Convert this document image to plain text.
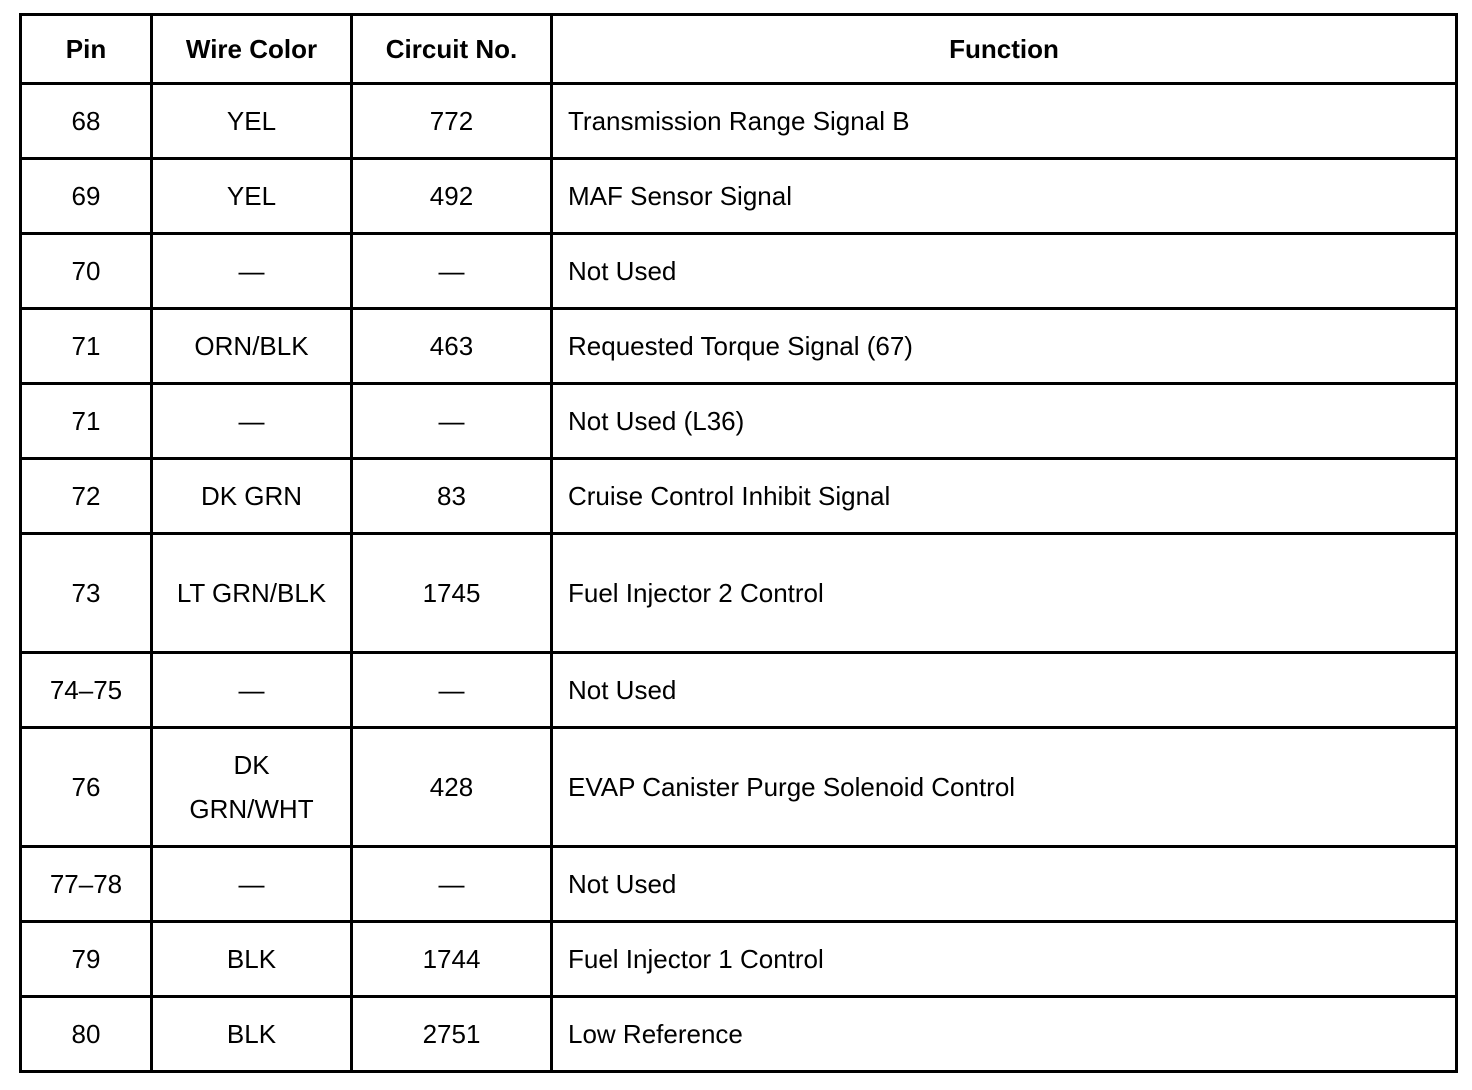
Pin	Wire Color	Circuit No.	Function
68	YEL	772	Transmission Range Signal B
69	YEL	492	MAF Sensor Signal
70	—	—	Not Used
71	ORN/BLK	463	Requested Torque Signal (67)
71	—	—	Not Used (L36)
72	DK GRN	83	Cruise Control Inhibit Signal
73	LT GRN/BLK	1745	Fuel Injector 2 Control
74–75	—	—	Not Used
76	DK GRN/WHT	428	EVAP Canister Purge Solenoid Control
77–78	—	—	Not Used
79	BLK	1744	Fuel Injector 1 Control
80	BLK	2751	Low Reference
